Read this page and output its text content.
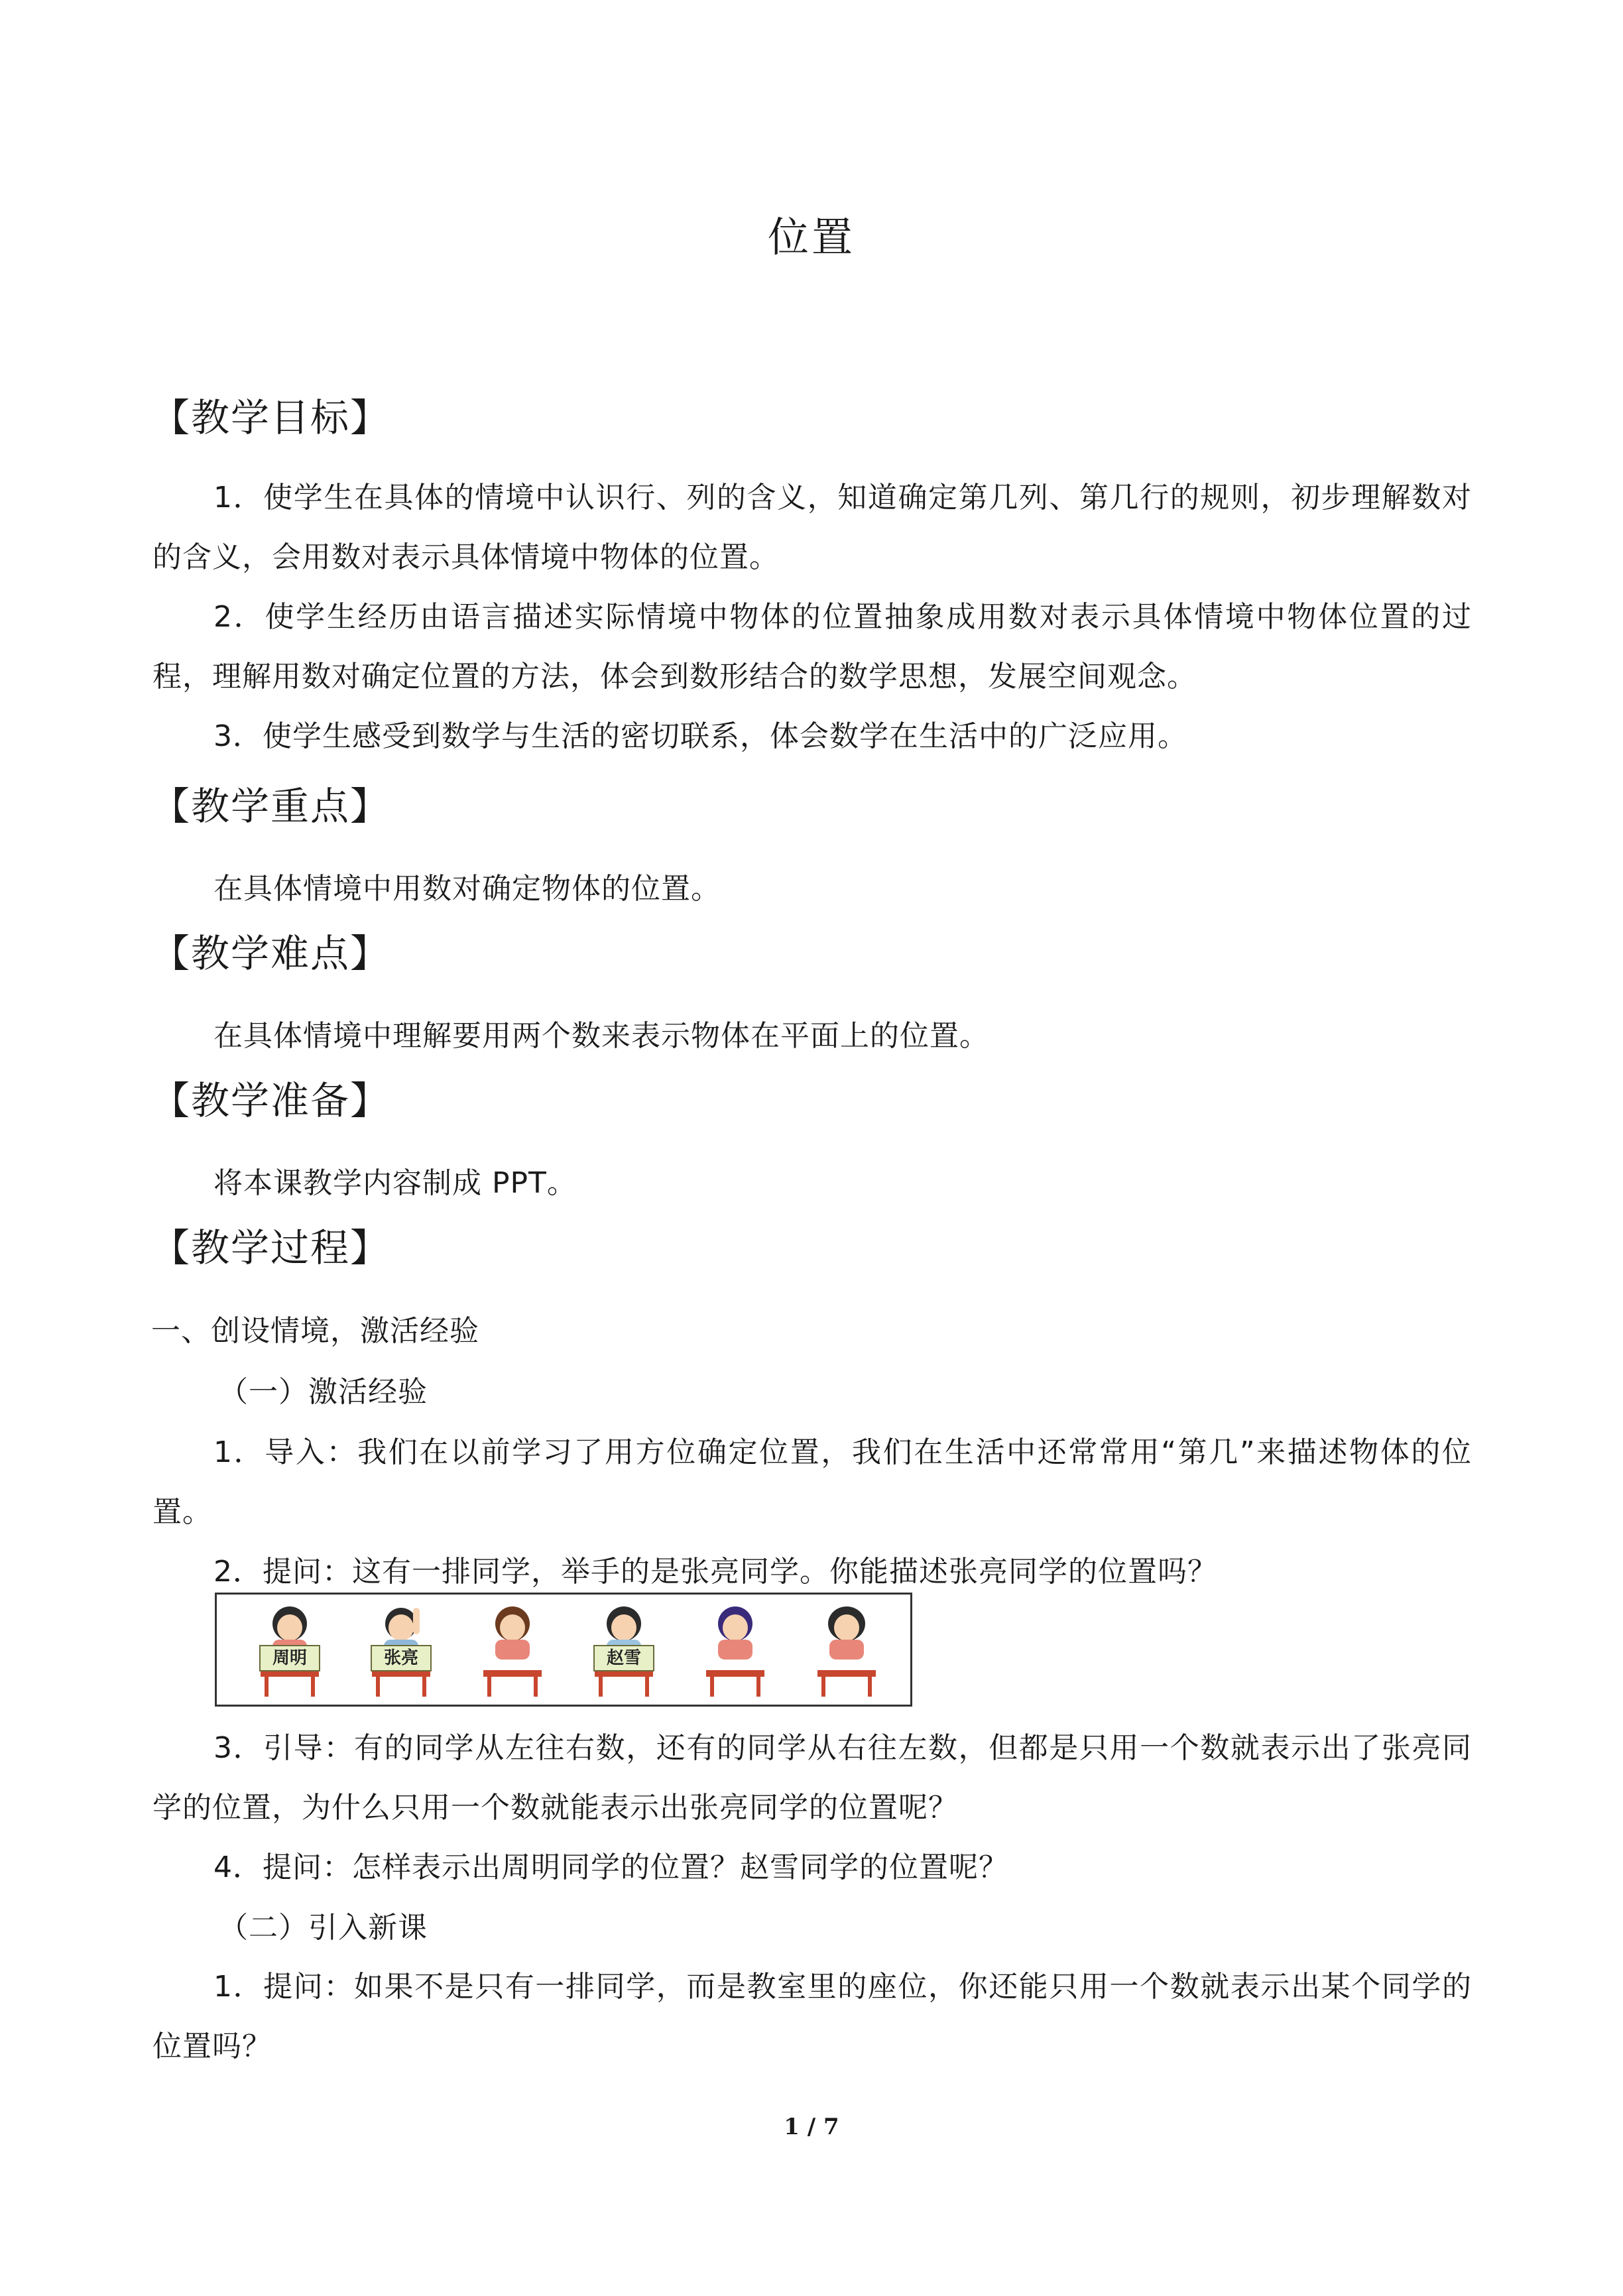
位置
【教学目标】
1．使学生在具体的情境中认识行、列的含义，知道确定第几列、第几行的规则，初步理解数对的含义，会用数对表示具体情境中物体的位置。
2．使学生经历由语言描述实际情境中物体的位置抽象成用数对表示具体情境中物体位置的过程，理解用数对确定位置的方法，体会到数形结合的数学思想，发展空间观念。
3．使学生感受到数学与生活的密切联系，体会数学在生活中的广泛应用。
【教学重点】
在具体情境中用数对确定物体的位置。
【教学难点】
在具体情境中理解要用两个数来表示物体在平面上的位置。
【教学准备】
将本课教学内容制成 PPT。
【教学过程】
一、创设情境，激活经验
（一）激活经验
1．导入：我们在以前学习了用方位确定位置，我们在生活中还常常用“第几”来描述物体的位置。
2．提问：这有一排同学，举手的是张亮同学。你能描述张亮同学的位置吗？
周明	张亮	赵雪
3．引导：有的同学从左往右数，还有的同学从右往左数，但都是只用一个数就表示出了张亮同学的位置，为什么只用一个数就能表示出张亮同学的位置呢？
4．提问：怎样表示出周明同学的位置？赵雪同学的位置呢？
（二）引入新课
1．提问：如果不是只有一排同学，而是教室里的座位，你还能只用一个数就表示出某个同学的位置吗？
1 / 7
